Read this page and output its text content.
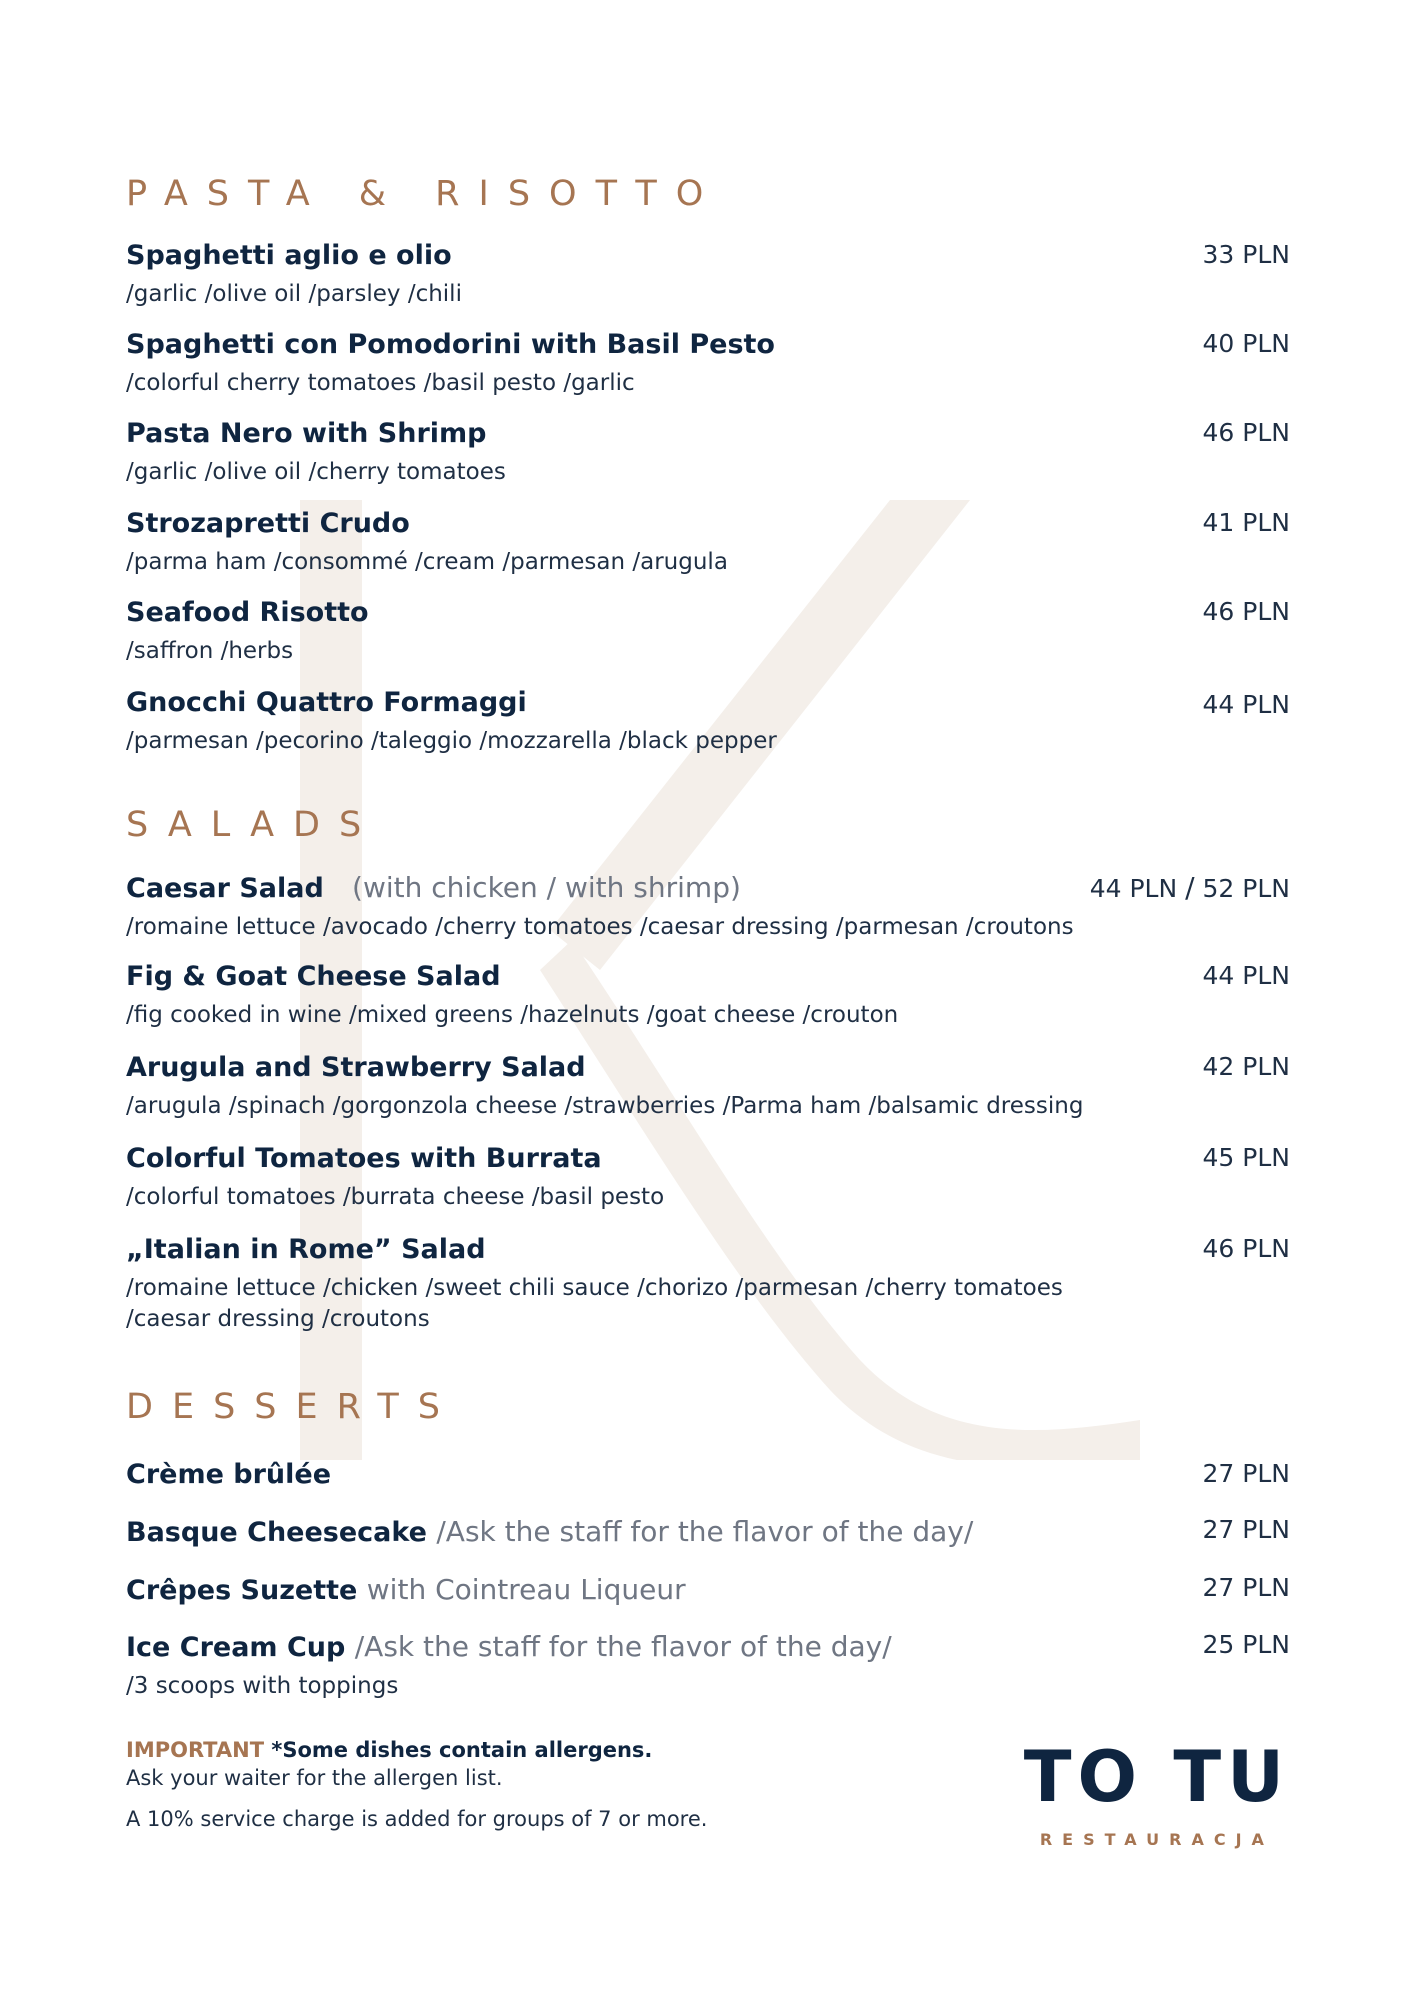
PASTA & RISOTTO
Spaghetti aglio e olio
/garlic /olive oil /parsley /chili
33 PLN
Spaghetti con Pomodorini with Basil Pesto
/colorful cherry tomatoes /basil pesto /garlic
40 PLN
Pasta Nero with Shrimp
/garlic /olive oil /cherry tomatoes
46 PLN
Strozapretti Crudo
/parma ham /consommé /cream /parmesan /arugula
41 PLN
Seafood Risotto
/saffron /herbs
46 PLN
Gnocchi Quattro Formaggi
/parmesan /pecorino /taleggio /mozzarella /black pepper
44 PLN
SALADS
Caesar Salad (with chicken / with shrimp)
/romaine lettuce /avocado /cherry tomatoes /caesar dressing /parmesan /croutons
44 PLN / 52 PLN
Fig & Goat Cheese Salad
/fig cooked in wine /mixed greens /hazelnuts /goat cheese /crouton
44 PLN
Arugula and Strawberry Salad
/arugula /spinach /gorgonzola cheese /strawberries /Parma ham /balsamic dressing
42 PLN
Colorful Tomatoes with Burrata
/colorful tomatoes /burrata cheese /basil pesto
45 PLN
„Italian in Rome” Salad
/romaine lettuce /chicken /sweet chili sauce /chorizo /parmesan /cherry tomatoes
/caesar dressing /croutons
46 PLN
DESSERTS
Crème brûlée	27 PLN
Basque Cheesecake /Ask the staff for the flavor of the day/	27 PLN
Crêpes Suzette with Cointreau Liqueur	27 PLN
Ice Cream Cup /Ask the staff for the flavor of the day/
/3 scoops with toppings
25 PLN
IMPORTANT *Some dishes contain allergens.
Ask your waiter for the allergen list.
A 10% service charge is added for groups of 7 or more.
TO TU
RESTAURACJA
